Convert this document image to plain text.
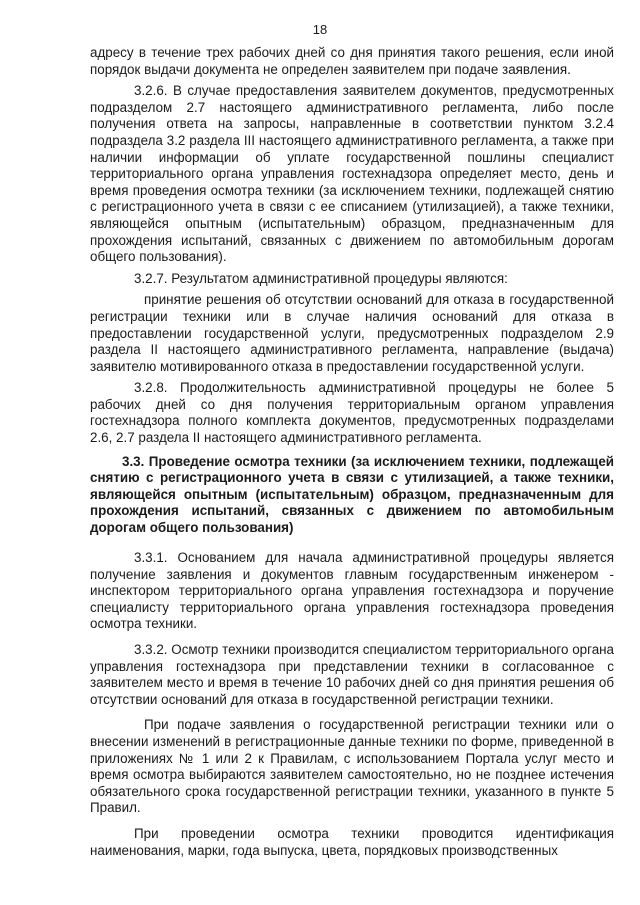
18

адресу в течение трех рабочих дней со дня принятия такого решения, если иной порядок выдачи документа не определен заявителем при подаче заявления.

3.2.6. В случае предоставления заявителем документов, предусмотренных подразделом 2.7 настоящего административного регламента, либо после получения ответа на запросы, направленные в соответствии пунктом 3.2.4 подраздела 3.2 раздела III настоящего административного регламента, а также при наличии информации об уплате государственной пошлины специалист территориального органа управления гостехнадзора определяет место, день и время проведения осмотра техники (за исключением техники, подлежащей снятию с регистрационного учета в связи с ее списанием (утилизацией), а также техники, являющейся опытным (испытательным) образцом, предназначенным для прохождения испытаний, связанных с движением по автомобильным дорогам общего пользования).

3.2.7. Результатом административной процедуры являются:

принятие решения об отсутствии оснований для отказа в государственной регистрации техники или в случае наличия оснований для отказа в предоставлении государственной услуги, предусмотренных подразделом 2.9 раздела II настоящего административного регламента, направление (выдача) заявителю мотивированного отказа в предоставлении государственной услуги.

3.2.8. Продолжительность административной процедуры не более 5 рабочих дней со дня получения территориальным органом управления гостехнадзора полного комплекта документов, предусмотренных подразделами 2.6, 2.7 раздела II настоящего административного регламента.

3.3. Проведение осмотра техники (за исключением техники, подлежащей снятию с регистрационного учета в связи с утилизацией, а также техники, являющейся опытным (испытательным) образцом, предназначенным для прохождения испытаний, связанных с движением по автомобильным дорогам общего пользования)

3.3.1. Основанием для начала административной процедуры является получение заявления и документов главным государственным инженером - инспектором территориального органа управления гостехнадзора и поручение специалисту территориального органа управления гостехнадзора проведения осмотра техники.

3.3.2. Осмотр техники производится специалистом территориального органа управления гостехнадзора при представлении техники в согласованное с заявителем место и время в течение 10 рабочих дней со дня принятия решения об отсутствии оснований для отказа в государственной регистрации техники.

При подаче заявления о государственной регистрации техники или о внесении изменений в регистрационные данные техники по форме, приведенной в приложениях № 1 или 2 к Правилам, с использованием Портала услуг место и время осмотра выбираются заявителем самостоятельно, но не позднее истечения обязательного срока государственной регистрации техники, указанного в пункте 5 Правил.

При проведении осмотра техники проводится идентификация наименования, марки, года выпуска, цвета, порядковых производственных
